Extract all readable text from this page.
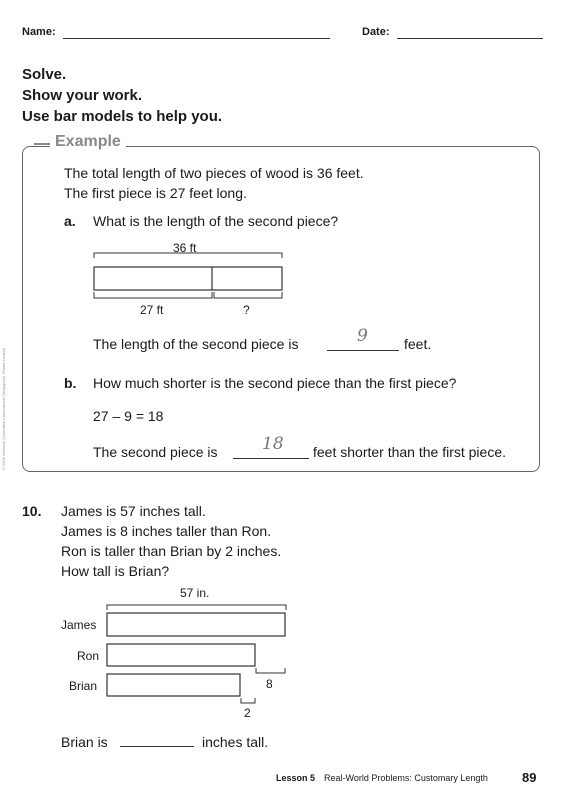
Name:	Date:
Solve.
Show your work.
Use bar models to help you.
Example
The total length of two pieces of wood is 36 feet.
The first piece is 27 feet long.
a. What is the length of the second piece?
36 ft
27 ft	?
The length of the second piece is	9	feet.
b. How much shorter is the second piece than the first piece?
27 – 9 = 18
The second piece is	18 feet shorter than the first piece.
10. James is 57 inches tall.
James is 8 inches taller than Ron.
Ron is taller than Brian by 2 inches.
How tall is Brian?
57 in.
James
Ron
Brian	8
2
Brian is	inches tall.
Lesson 5 Real-World Problems: Customary Length	89
© 2009 Marshall Cavendish International (Singapore) Private Limited
